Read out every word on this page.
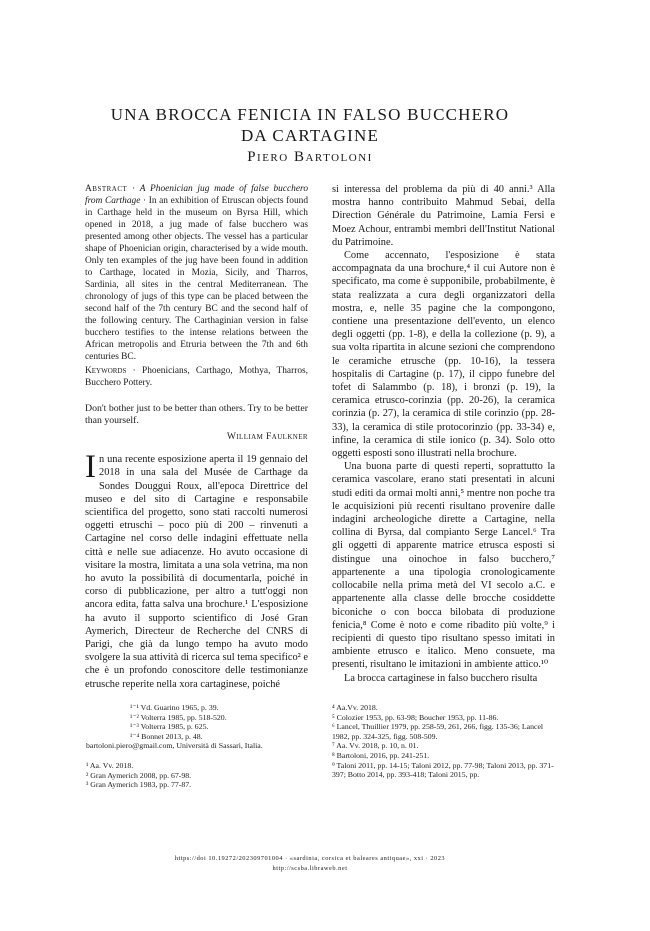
UNA BROCCA FENICIA IN FALSO BUCCHERO
DA CARTAGINE
Piero Bartoloni
Abstract · A Phoenician jug made of false bucchero from Carthage · In an exhibition of Etruscan objects found in Carthage held in the museum on Byrsa Hill, which opened in 2018, a jug made of false bucchero was presented among other objects. The vessel has a particular shape of Phoenician origin, characterised by a wide mouth. Only ten examples of the jug have been found in addition to Carthage, located in Mozia, Sicily, and Tharros, Sardinia, all sites in the central Mediterranean. The chronology of jugs of this type can be placed between the second half of the 7th century BC and the second half of the following century. The Carthaginian version in false bucchero testifies to the intense relations between the African metropolis and Etruria between the 7th and 6th centuries BC.
Keywords · Phoenicians, Carthago, Mothya, Tharros, Bucchero Pottery.
Don't bother just to be better than others. Try to be better than yourself.
William Faulkner

In una recente esposizione aperta il 19 gennaio del 2018 in una sala del Musée de Carthage da Sondes Douggui Roux, all'epoca Direttrice del museo e del sito di Cartagine e responsabile scientifica del progetto, sono stati raccolti numerosi oggetti etruschi – poco più di 200 – rinvenuti a Cartagine nel corso delle indagini effettuate nella città e nelle sue adiacenze. Ho avuto occasione di visitare la mostra, limitata a una sola vetrina, ma non ho avuto la possibilità di documentarla, poiché in corso di pubblicazione, per altro a tutt'oggi non ancora edita, fatta salva una brochure.¹ L'esposizione ha avuto il supporto scientifico di José Gran Aymerich, Directeur de Recherche del CNRS di Parigi, che già da lungo tempo ha avuto modo svolgere la sua attività di ricerca sul tema specifico² e che è un profondo conoscitore delle testimonianze etrusche reperite nella xora cartaginese, poiché

si interessa del problema da più di 40 anni.³ Alla mostra hanno contribuito Mahmud Sebai, della Direction Générale du Patrimoine, Lamia Fersi e Moez Achour, entrambi membri dell'Institut National du Patrimoine.

Come accennato, l'esposizione è stata accompagnata da una brochure,⁴ il cui Autore non è specificato, ma come è supponibile, probabilmente, è stata realizzata a cura degli organizzatori della mostra, e, nelle 35 pagine che la compongono, contiene una presentazione dell'evento, un elenco degli oggetti (pp. 1-8), e della la collezione (p. 9), a sua volta ripartita in alcune sezioni che comprendono le ceramiche etrusche (pp. 10-16), la tessera hospitalis di Cartagine (p. 17), il cippo funebre del tofet di Salammbo (p. 18), i bronzi (p. 19), la ceramica etrusco-corinzia (pp. 20-26), la ceramica corinzia (p. 27), la ceramica di stile corinzio (pp. 28-33), la ceramica di stile protocorinzio (pp. 33-34) e, infine, la ceramica di stile ionico (p. 34). Solo otto oggetti esposti sono illustrati nella brochure.

Una buona parte di questi reperti, soprattutto la ceramica vascolare, erano stati presentati in alcuni studi editi da ormai molti anni,⁵ mentre non poche tra le acquisizioni più recenti risultano provenire dalle indagini archeologiche dirette a Cartagine, nella collina di Byrsa, dal compianto Serge Lancel.⁶ Tra gli oggetti di apparente matrice etrusca esposti si distingue una oinochoe in falso bucchero,⁷ appartenente a una tipologia cronologicamente collocabile nella prima metà del VI secolo a.C. e appartenente alla classe delle brocche cosiddette biconiche o con bocca bilobata di produzione fenicia,⁸ Come è noto e come ribadito più volte,⁹ i recipienti di questo tipo risultano spesso imitati in ambiente etrusco e italico. Meno consuete, ma presenti, risultano le imitazioni in ambiente attico.¹⁰

La brocca cartaginese in falso bucchero risulta

¹⁻¹ Vd. Guarino 1965, p. 39.

¹⁻² Volterra 1985, pp. 518-520.

¹⁻³ Volterra 1985, p. 625.

¹⁻⁴ Bonnet 2013, p. 48.

bartoloni.piero@gmail.com, Università di Sassari, Italia.

¹ Aa. Vv. 2018.

² Gran Aymerich 2008, pp. 67-98.

³ Gran Aymerich 1983, pp. 77-87.

⁴ Aa.Vv. 2018.

⁵ Colozier 1953, pp. 63-98; Boucher 1953, pp. 11-86.

⁶ Lancel, Thuillier 1979, pp. 258-59, 261, 266, figg. 135-36; Lancel 1982, pp. 324-325, figg. 508-509.

⁷ Aa. Vv. 2018, p. 10, n. 01.

⁸ Bartoloni, 2016, pp. 241-251.

⁹ Taloni 2011, pp. 14-15; Taloni 2012, pp. 77-98; Taloni 2013, pp. 371-397; Botto 2014, pp. 393-418; Taloni 2015, pp.

https://doi 10.19272/202309701004 · «sardinia, corsica et baleares antiquae», xxi · 2023
http://scsba.libraweb.net
